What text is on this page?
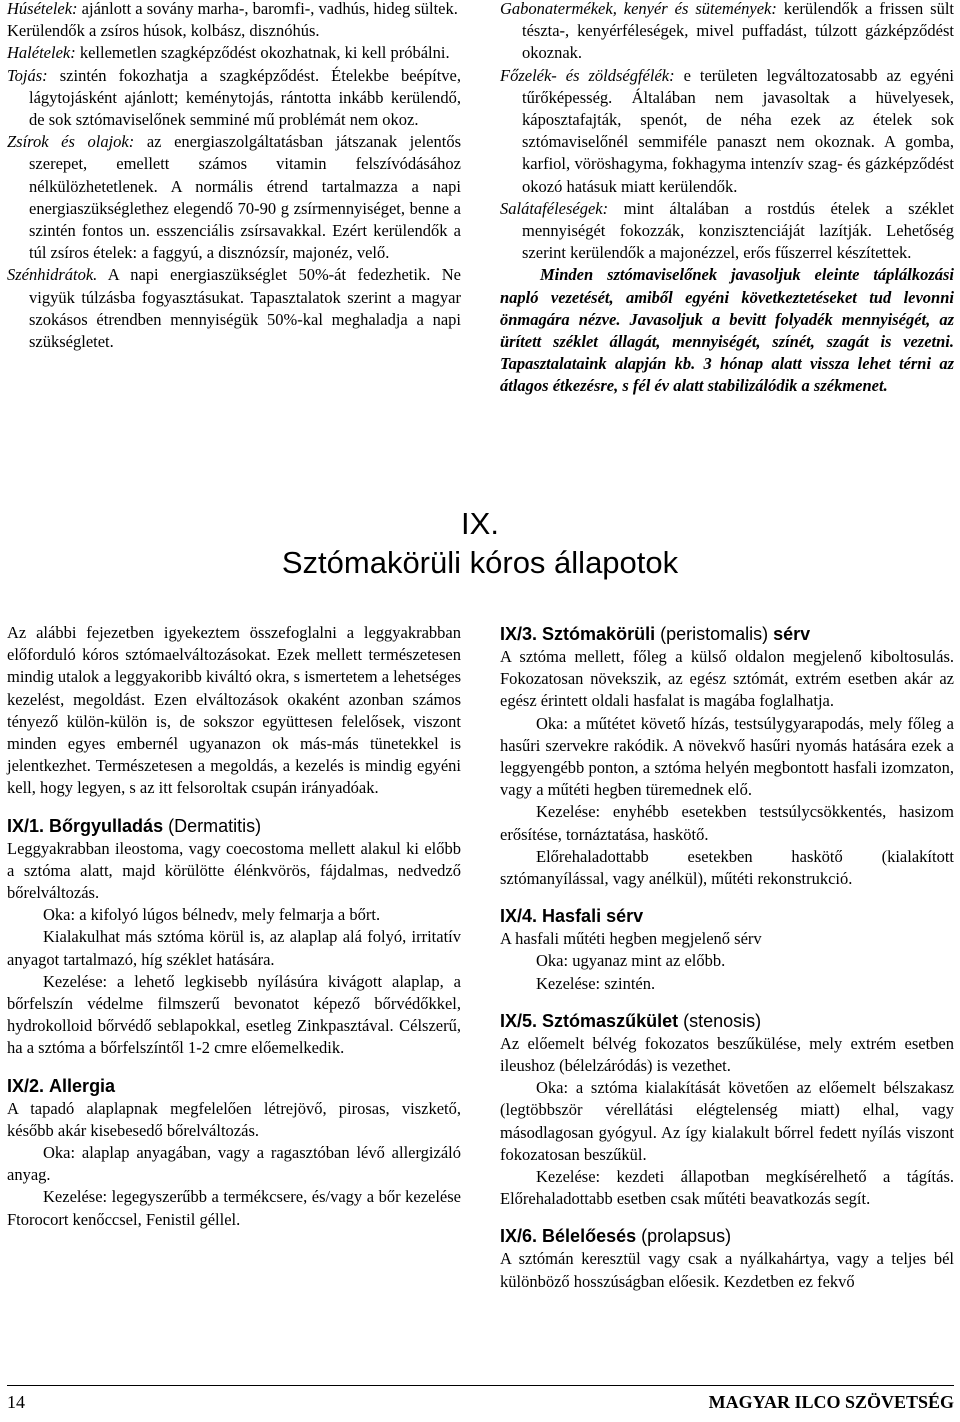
Húsételek: ajánlott a sovány marha-, baromfi-, vadhús, hideg sültek.

Kerülendők a zsíros húsok, kolbász, disznóhús.

Halételek: kellemetlen szagképződést okozhatnak, ki kell próbálni.

Tojás: szintén fokozhatja a szagképződést. Ételekbe beépítve, lágytojásként ajánlott; keménytojás, rántotta inkább kerülendő, de sok sztómaviselőnek semminé mű problémát nem okoz.

Zsírok és olajok: az energiaszolgáltatásban játszanak jelentős szerepet, emellett számos vitamin felszívódásához nélkülözhetetlenek. A normális étrend tartalmazza a napi energiaszükséglethez elegendő 70-90 g zsírmennyiséget, benne a szintén fontos un. esszenciális zsírsavakkal. Ezért kerülendők a túl zsíros ételek: a faggyú, a disznózsír, majonéz, velő.

Szénhidrátok. A napi energiaszükséglet 50%-át fedezhetik. Ne vigyük túlzásba fogyasztásukat. Tapasztalatok szerint a magyar szokásos étrendben mennyiségük 50%-kal meghaladja a napi szükségletet.

Gabonatermékek, kenyér és sütemények: kerülendők a frissen sült tészta-, kenyérféleségek, mivel puffadást, túlzott gázképződést okoznak.

Főzelék- és zöldségfélék: e területen legváltozatosabb az egyéni tűrőképesség. Általában nem javasoltak a hüvelyesek, káposztafajták, spenót, de néha ezek az ételek sok sztómaviselőnél semmiféle panaszt nem okoznak. A gomba, karfiol, vöröshagyma, fokhagyma intenzív szag- és gázképződést okozó hatásuk miatt kerülendők.

Salátaféleségek: mint általában a rostdús ételek a széklet mennyiségét fokozzák, konzisztenciáját lazítják. Lehetőség szerint kerülendők a majonézzel, erős fűszerrel készítettek.

Minden sztómaviselőnek javasoljuk eleinte táplálkozási napló vezetését, amiből egyéni következtetéseket tud levonni önmagára nézve. Javasoljuk a bevitt folyadék mennyiségét, az ürített széklet állagát, mennyiségét, színét, szagát is vezetni. Tapasztalataink alapján kb. 3 hónap alatt vissza lehet térni az átlagos étkezésre, s fél év alatt stabilizálódik a székmenet.

IX.
Sztómakörüli kóros állapotok

Az alábbi fejezetben igyekeztem összefoglalni a leggyakrabban előforduló kóros sztómaelváltozásokat. Ezek mellett természetesen mindig utalok a leggyakoribb kiváltó okra, s ismertetem a lehetséges kezelést, megoldást. Ezen elváltozások okaként azonban számos tényező külön-külön is, de sokszor együttesen felelősek, viszont minden egyes embernél ugyanazon ok más-más tünetekkel is jelentkezhet. Természetesen a megoldás, a kezelés is mindig egyéni kell, hogy legyen, s az itt felsoroltak csupán irányadóak.

IX/1. Bőrgyulladás (Dermatitis)

Leggyakrabban ileostoma, vagy coecostoma mellett alakul ki előbb a sztóma alatt, majd körülötte élénkvörös, fájdalmas, nedvedző bőrelváltozás.

Oka: a kifolyó lúgos bélnedv, mely felmarja a bőrt.

Kialakulhat más sztóma körül is, az alaplap alá folyó, irritatív anyagot tartalmazó, híg széklet hatására.

Kezelése: a lehető legkisebb nyílásúra kivágott alaplap, a bőrfelszín védelme filmszerű bevonatot képező bőrvédőkkel, hydrokolloid bőrvédő seblapokkal, esetleg Zinkpasztával. Célszerű, ha a sztóma a bőrfelszíntől 1-2 cmre előemelkedik.

IX/2. Allergia

A tapadó alaplapnak megfelelően létrejövő, pirosas, viszkető, később akár kisebesedő bőrelváltozás.

Oka: alaplap anyagában, vagy a ragasztóban lévő allergizáló anyag.

Kezelése: legegyszerűbb a termékcsere, és/vagy a bőr kezelése Ftorocort kenőccsel, Fenistil géllel.

IX/3. Sztómakörüli (peristomalis) sérv

A sztóma mellett, főleg a külső oldalon megjelenő kiboltosulás. Fokozatosan növekszik, az egész sztómát, extrém esetben akár az egész érintett oldali hasfalat is magába foglalhatja.

Oka: a műtétet követő hízás, testsúlygyarapodás, mely főleg a hasűri szervekre rakódik. A növekvő hasűri nyomás hatására ezek a leggyengébb ponton, a sztóma helyén megbontott hasfali izomzaton, vagy a műtéti hegben türemednek elő.

Kezelése: enyhébb esetekben testsúlycsökkentés, hasizom erősítése, tornáztatása, haskötő.

Előrehaladottabb esetekben haskötő (kialakított sztómanyílással, vagy anélkül), műtéti rekonstrukció.

IX/4. Hasfali sérv

A hasfali műtéti hegben megjelenő sérv

Oka: ugyanaz mint az előbb.

Kezelése: szintén.

IX/5. Sztómaszűkület (stenosis)

Az előemelt bélvég fokozatos beszűkülése, mely extrém esetben ileushoz (bélelzáródás) is vezethet.

Oka: a sztóma kialakítását követően az előemelt bélszakasz (legtöbbször vérellátási elégtelenség miatt) elhal, vagy másodlagosan gyógyul. Az így kialakult bőrrel fedett nyílás viszont fokozatosan beszűkül.

Kezelése: kezdeti állapotban megkísérelhető a tágítás. Előrehaladottabb esetben csak műtéti beavatkozás segít.

IX/6. Bélelőesés (prolapsus)

A sztómán keresztül vagy csak a nyálkahártya, vagy a teljes bél különböző hosszúságban előesik. Kezdetben ez fekvő

14	MAGYAR ILCO SZÖVETSÉG
